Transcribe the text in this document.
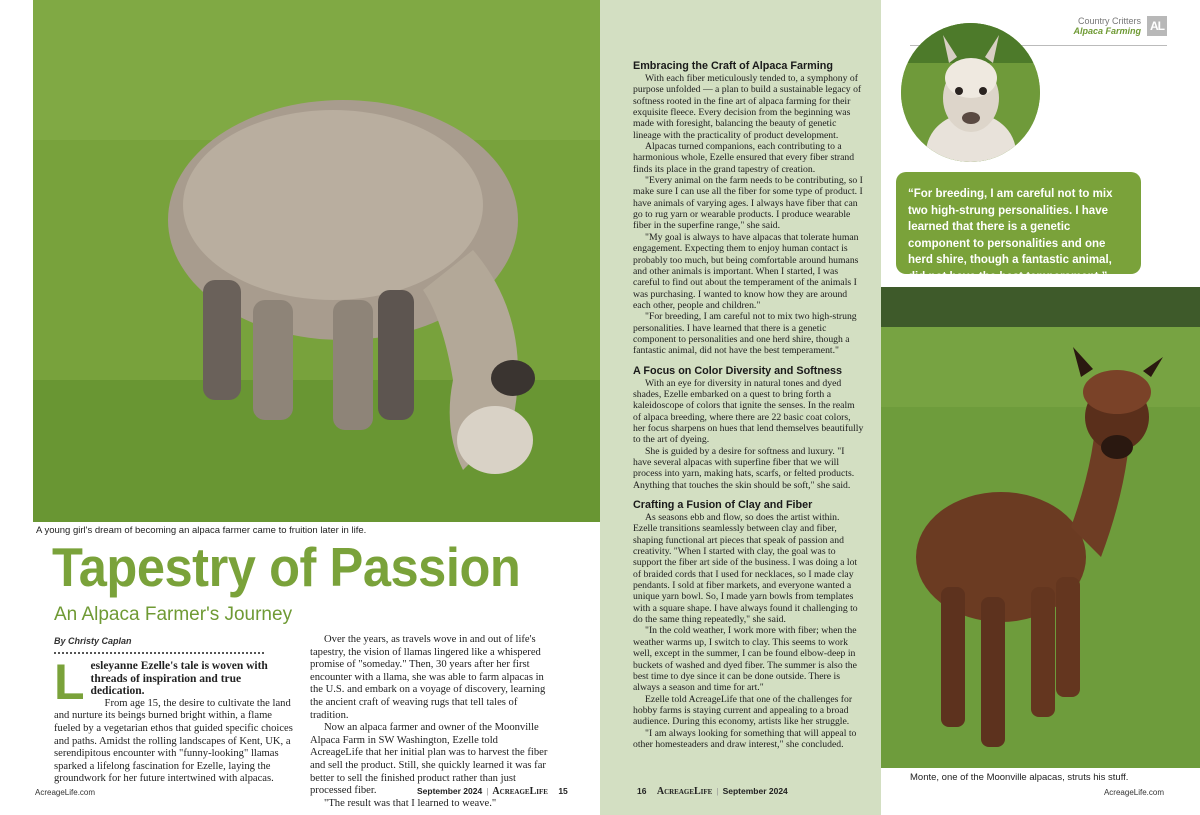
A young girl's dream of becoming an alpaca farmer came to fruition later in life.
Tapestry of Passion
An Alpaca Farmer's Journey
By Christy Caplan
L esleyanne Ezelle's tale is woven with threads of inspiration and true dedication.

From age 15, the desire to cultivate the land and nurture its beings burned bright within, a flame fueled by a vegetarian ethos that guided specific choices and paths. Amidst the rolling landscapes of Kent, UK, a serendipitous encounter with "funny-looking" llamas sparked a lifelong fascination for Ezelle, laying the groundwork for her future intertwined with alpacas.

Over the years, as travels wove in and out of life's tapestry, the vision of llamas lingered like a whispered promise of "someday." Then, 30 years after her first encounter with a llama, she was able to farm alpacas in the U.S. and embark on a voyage of discovery, learning the ancient craft of weaving rugs that tell tales of tradition.

Now an alpaca farmer and owner of the Moonville Alpaca Farm in SW Washington, Ezelle told AcreageLife that her initial plan was to harvest the fiber and sell the product. Still, she quickly learned it was far better to sell the finished product rather than just processed fiber.

"The result was that I learned to weave."

AcreageLife.com	September 2024 | AcreageLife 15
Embracing the Craft of Alpaca Farming

With each fiber meticulously tended to, a symphony of purpose unfolded — a plan to build a sustainable legacy of softness rooted in the fine art of alpaca farming for their exquisite fleece. Every decision from the beginning was made with foresight, balancing the beauty of genetic lineage with the practicality of product development.

Alpacas turned companions, each contributing to a harmonious whole, Ezelle ensured that every fiber strand finds its place in the grand tapestry of creation.

"Every animal on the farm needs to be contributing, so I make sure I can use all the fiber for some type of product. I have animals of varying ages. I always have fiber that can go to rug yarn or wearable products. I produce wearable fiber in the superfine range," she said.

"My goal is always to have alpacas that tolerate human engagement. Expecting them to enjoy human contact is probably too much, but being comfortable around humans and other animals is important. When I started, I was careful to find out about the temperament of the animals I was purchasing. I wanted to know how they are around each other, people and children."

"For breeding, I am careful not to mix two high-strung personalities. I have learned that there is a genetic component to personalities and one herd shire, though a fantastic animal, did not have the best temperament."

A Focus on Color Diversity and Softness

With an eye for diversity in natural tones and dyed shades, Ezelle embarked on a quest to bring forth a kaleidoscope of colors that ignite the senses. In the realm of alpaca breeding, where there are 22 basic coat colors, her focus sharpens on hues that lend themselves beautifully to the art of dyeing.

She is guided by a desire for softness and luxury. "I have several alpacas with superfine fiber that we will process into yarn, making hats, scarfs, or felted products. Anything that touches the skin should be soft," she said.

Crafting a Fusion of Clay and Fiber

As seasons ebb and flow, so does the artist within. Ezelle transitions seamlessly between clay and fiber, shaping functional art pieces that speak of passion and creativity. "When I started with clay, the goal was to support the fiber art side of the business. I was doing a lot of braided cords that I used for necklaces, so I made clay pendants. I sold at fiber markets, and everyone wanted a unique yarn bowl. So, I made yarn bowls from templates with a square shape. I have always found it challenging to do the same thing repeatedly," she said.

"In the cold weather, I work more with fiber; when the weather warms up, I switch to clay. This seems to work well, except in the summer, I can be found elbow-deep in buckets of washed and dyed fiber. The summer is also the best time to dye since it can be done outside. There is always a season and time for art."

Ezelle told AcreageLife that one of the challenges for hobby farms is staying current and appealing to a broad audience. During this economy, artists like her struggle.

"I am always looking for something that will appeal to other homesteaders and draw interest," she concluded.

16 AcreageLife | September 2024
Country Critters
Alpaca Farming AL
“For breeding, I am careful not to mix two high-strung personalities. I have learned that there is a genetic component to personalities and one herd shire, though a fantastic animal, did not have the best temperament.”
Monte, one of the Moonville alpacas, struts his stuff.
AcreageLife.com
